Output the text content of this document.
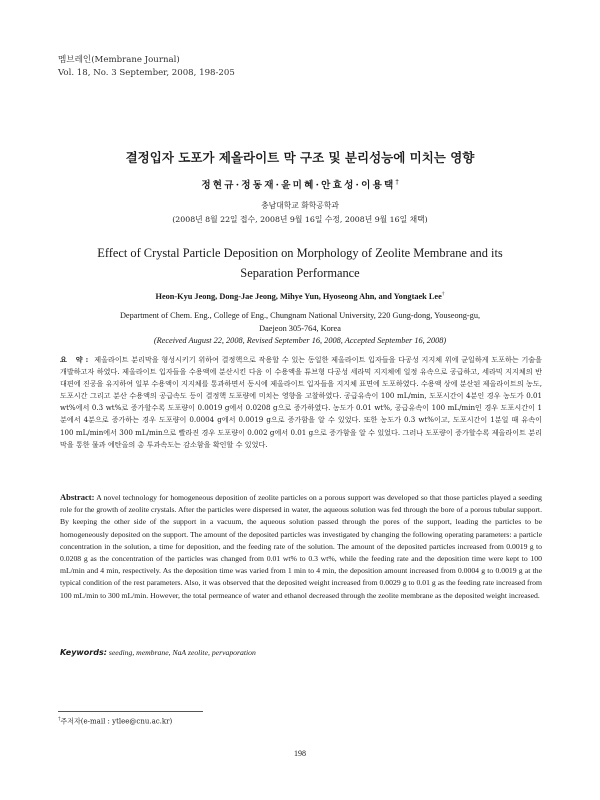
멤브레인(Membrane Journal)
Vol. 18, No. 3 September, 2008, 198-205
결정입자 도포가 제올라이트 막 구조 및 분리성능에 미치는 영향
정현규·정동재·윤미혜·안효성·이용택†
충남대학교 화학공학과
(2008년 8월 22일 접수, 2008년 9월 16일 수정, 2008년 9월 16일 채택)
Effect of Crystal Particle Deposition on Morphology of Zeolite Membrane and its Separation Performance
Heon-Kyu Jeong, Dong-Jae Jeong, Mihye Yun, Hyoseong Ahn, and Yongtaek Lee†
Department of Chem. Eng., College of Eng., Chungnam National University, 220 Gung-dong, Youseong-gu,
Daejeon 305-764, Korea
(Received August 22, 2008, Revised September 16, 2008, Accepted September 16, 2008)
요 약: 제올라이트 분리막을 형성시키기 위하여 결정핵으로 작용할 수 있는 동일한 제올라이트 입자들을 다공성 지지체 위에 균일하게 도포하는 기술을 개발하고자 하였다. 제올라이트 입자들을 수용액에 분산시킨 다음 이 수용액을 튜브형 다공성 세라믹 지지체에 일정 유속으로 공급하고, 세라믹 지지체의 반대편에 진공을 유지하여 일부 수용액이 지지체를 통과하면서 동시에 제올라이트 입자들을 지지체 표면에 도포하였다. 수용액 상에 분산된 제올라이트의 농도, 도포시간 그리고 분산 수용액의 공급속도 등이 결정핵 도포량에 미치는 영향을 고찰하였다. 공급유속이 100 mL/min, 도포시간이 4분인 경우 농도가 0.01 wt%에서 0.3 wt%로 증가할수록 도포량이 0.0019 g에서 0.0208 g으로 증가하였다. 농도가 0.01 wt%, 공급유속이 100 mL/min인 경우 도포시간이 1분에서 4분으로 증가하는 경우 도포량이 0.0004 g에서 0.0019 g으로 증가함을 알 수 있었다. 또한 농도가 0.3 wt%이고, 도포시간이 1분일 때 유속이 100 mL/min에서 300 mL/min으로 빨라진 경우 도포량이 0.002 g에서 0.01 g으로 증가함을 알 수 있었다. 그러나 도포량이 증가할수록 제올라이트 분리막을 통한 물과 에탄올의 총 투과속도는 감소함을 확인할 수 있었다.
Abstract: A novel technology for homogeneous deposition of zeolite particles on a porous support was developed so that those particles played a seeding role for the growth of zeolite crystals. After the particles were dispersed in water, the aqueous solution was fed through the bore of a porous tubular support. By keeping the other side of the support in a vacuum, the aqueous solution passed through the pores of the support, leading the particles to be homogeneously deposited on the support. The amount of the deposited particles was investigated by changing the following operating parameters: a particle concentration in the solution, a time for deposition, and the feeding rate of the solution. The amount of the deposited particles increased from 0.0019 g to 0.0208 g as the concentration of the particles was changed from 0.01 wt% to 0.3 wt%, while the feeding rate and the deposition time were kept to 100 mL/min and 4 min, respectively. As the deposition time was varied from 1 min to 4 min, the deposition amount increased from 0.0004 g to 0.0019 g at the typical condition of the rest parameters. Also, it was observed that the deposited weight increased from 0.0029 g to 0.01 g as the feeding rate increased from 100 mL/min to 300 mL/min. However, the total permeance of water and ethanol decreased through the zeolite membrane as the deposited weight increased.
Keywords: seeding, membrane, NaA zeolite, pervaporation
†주저자(e-mail : ytlee@cnu.ac.kr)
198
